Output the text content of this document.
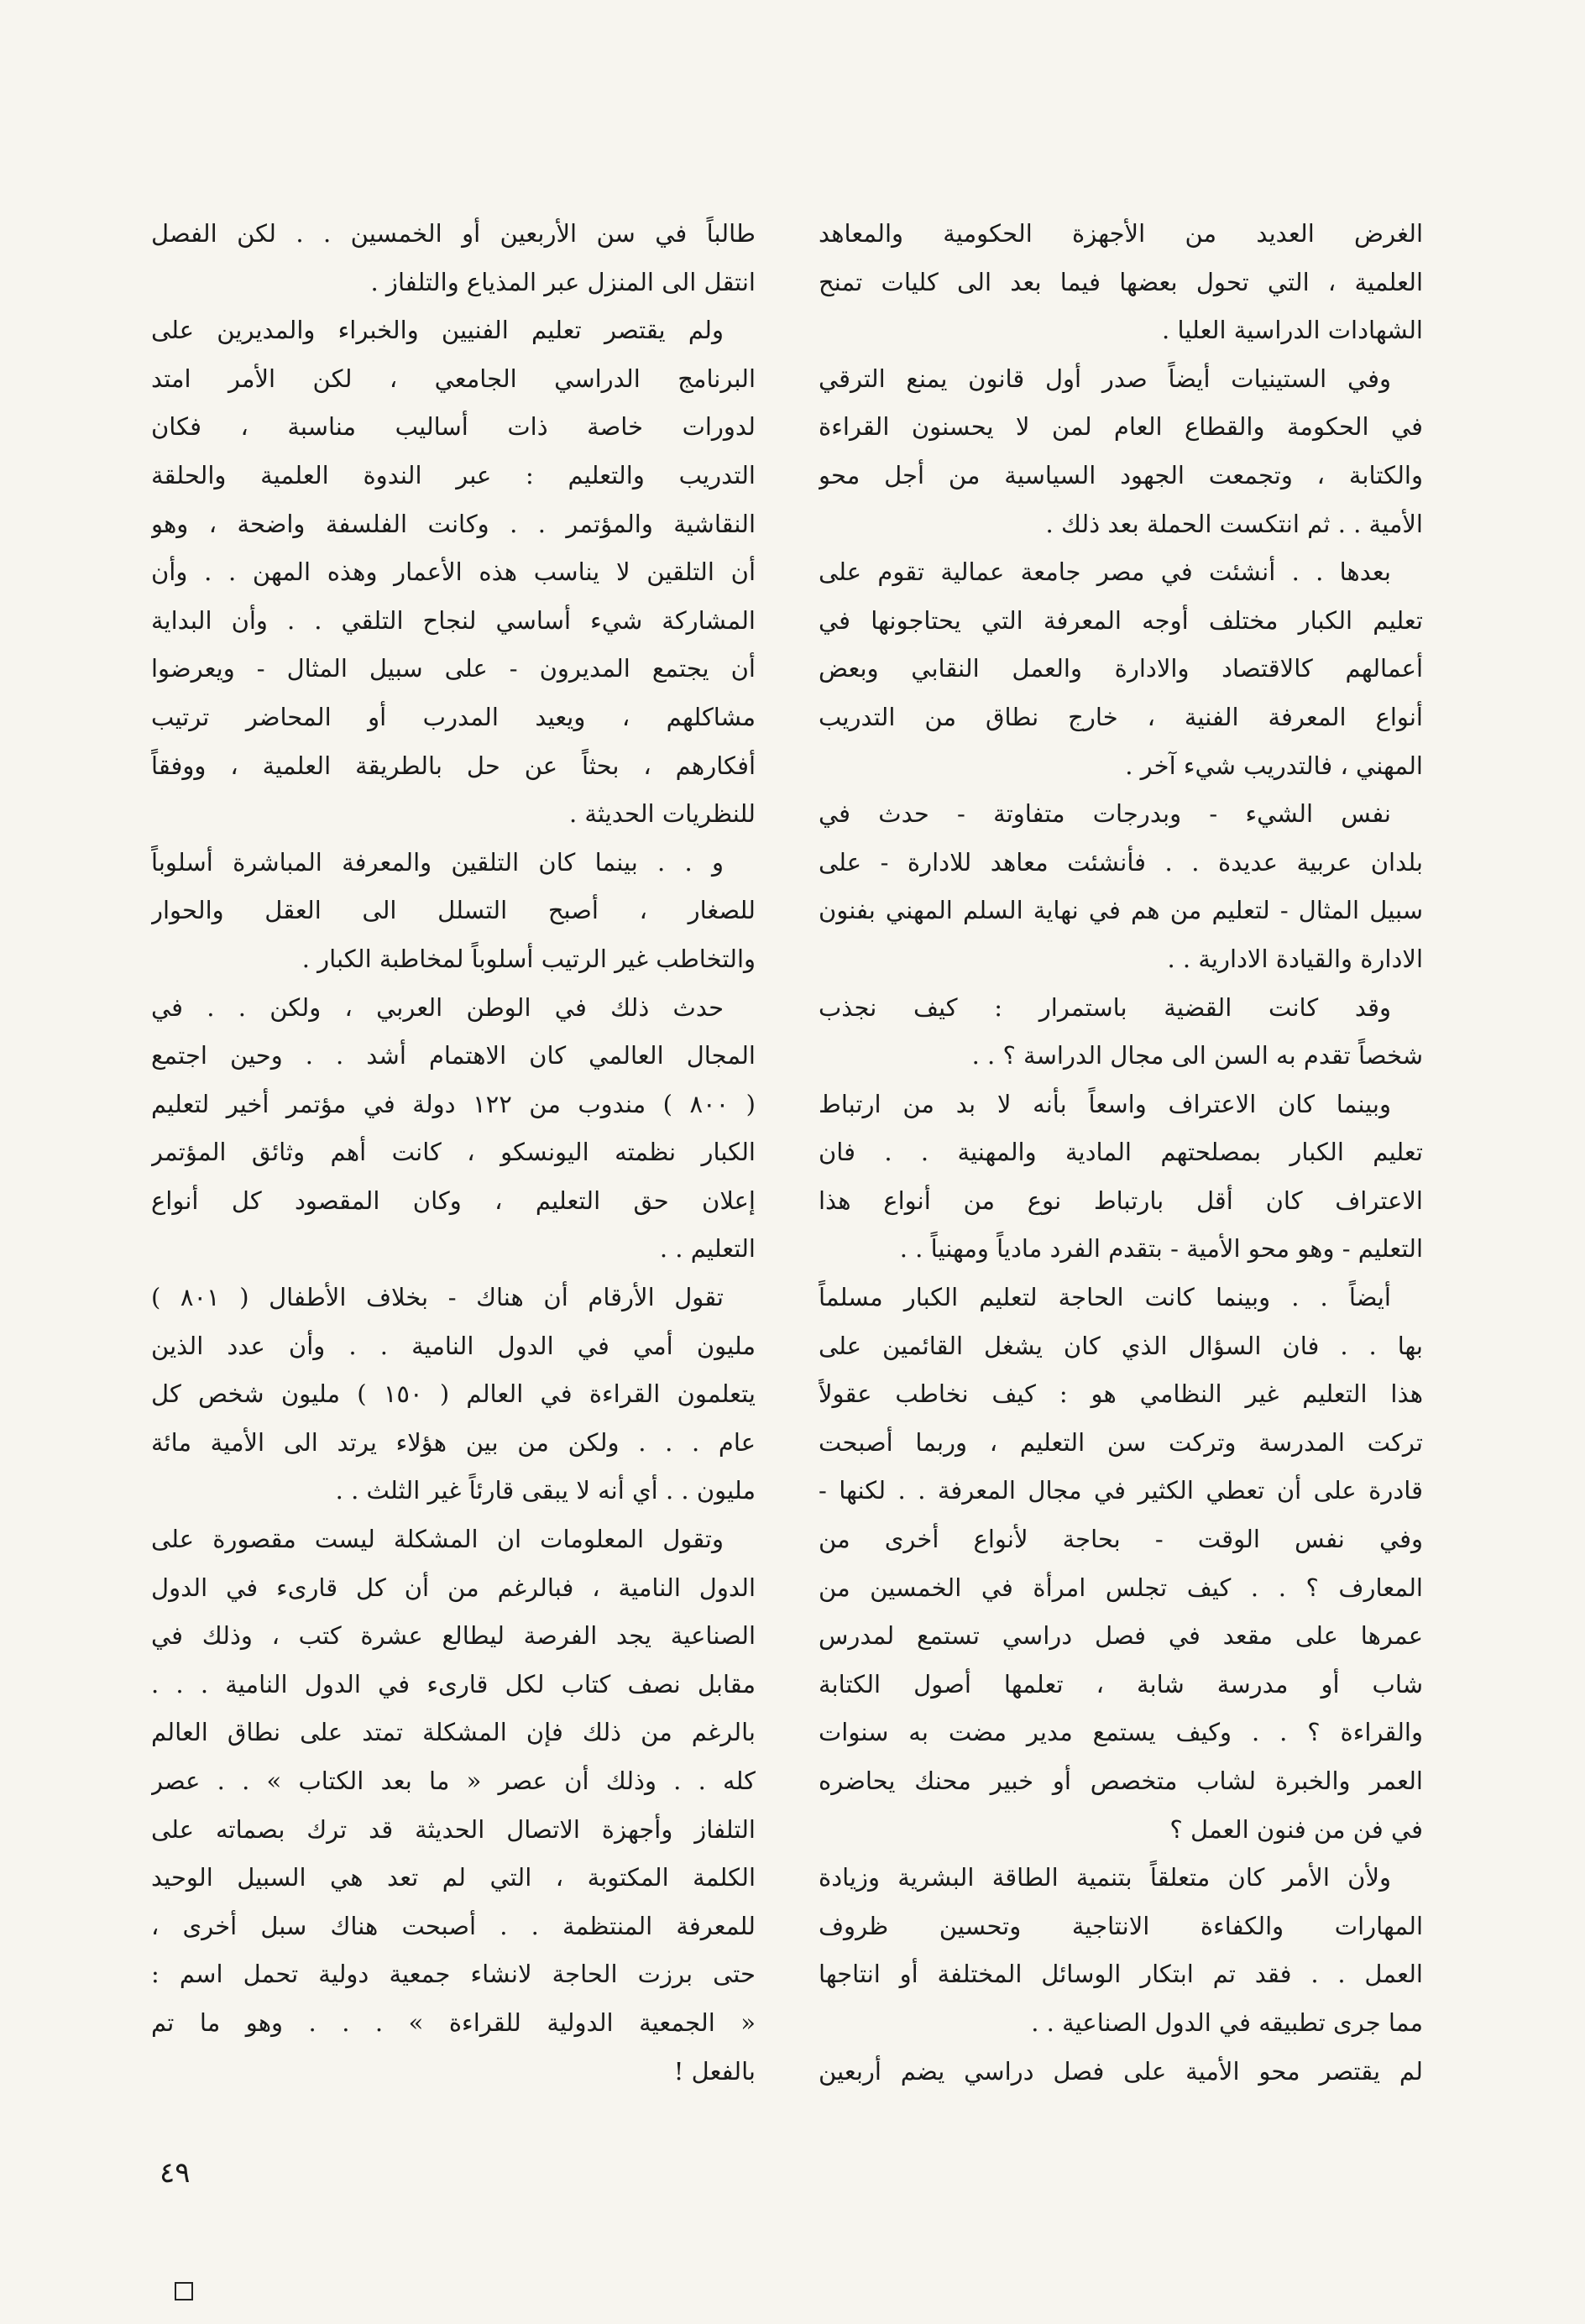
الغرض العديد من الأجهزة الحكومية والمعاهد
العلمية ، التي تحول بعضها فيما بعد الى كليات تمنح
الشهادات الدراسية العليا .
وفي الستينيات أيضاً صدر أول قانون يمنع الترقي
في الحكومة والقطاع العام لمن لا يحسنون القراءة
والكتابة ، وتجمعت الجهود السياسية من أجل محو
الأمية . . ثم انتكست الحملة بعد ذلك .
بعدها . . أنشئت في مصر جامعة عمالية تقوم على
تعليم الكبار مختلف أوجه المعرفة التي يحتاجونها في
أعمالهم كالاقتصاد والادارة والعمل النقابي وبعض
أنواع المعرفة الفنية ، خارج نطاق من التدريب
المهني ، فالتدريب شيء آخر .
نفس الشيء - وبدرجات متفاوتة - حدث في
بلدان عربية عديدة . . فأنشئت معاهد للادارة - على
سبيل المثال - لتعليم من هم في نهاية السلم المهني بفنون
الادارة والقيادة الادارية . .
وقد كانت القضية باستمرار : كيف نجذب
شخصاً تقدم به السن الى مجال الدراسة ؟ . .
وبينما كان الاعتراف واسعاً بأنه لا بد من ارتباط
تعليم الكبار بمصلحتهم المادية والمهنية . . فان
الاعتراف كان أقل بارتباط نوع من أنواع هذا
التعليم - وهو محو الأمية - بتقدم الفرد مادياً ومهنياً . .
أيضاً . . وبينما كانت الحاجة لتعليم الكبار مسلماً
بها . . فان السؤال الذي كان يشغل القائمين على
هذا التعليم غير النظامي هو : كيف نخاطب عقولاً
تركت المدرسة وتركت سن التعليم ، وربما أصبحت
قادرة على أن تعطي الكثير في مجال المعرفة . . لكنها -
وفي نفس الوقت - بحاجة لأنواع أخرى من
المعارف ؟ . . كيف تجلس امرأة في الخمسين من
عمرها على مقعد في فصل دراسي تستمع لمدرس
شاب أو مدرسة شابة ، تعلمها أصول الكتابة
والقراءة ؟ . . وكيف يستمع مدير مضت به سنوات
العمر والخبرة لشاب متخصص أو خبير محنك يحاضره
في فن من فنون العمل ؟
ولأن الأمر كان متعلقاً بتنمية الطاقة البشرية وزيادة
المهارات والكفاءة الانتاجية وتحسين ظروف
العمل . . فقد تم ابتكار الوسائل المختلفة أو انتاجها
مما جرى تطبيقه في الدول الصناعية . .
لم يقتصر محو الأمية على فصل دراسي يضم أربعين
طالباً في سن الأربعين أو الخمسين . . لكن الفصل
انتقل الى المنزل عبر المذياع والتلفاز .
ولم يقتصر تعليم الفنيين والخبراء والمديرين على
البرنامج الدراسي الجامعي ، لكن الأمر امتد
لدورات خاصة ذات أساليب مناسبة ، فكان
التدريب والتعليم : عبر الندوة العلمية والحلقة
النقاشية والمؤتمر . . وكانت الفلسفة واضحة ، وهو
أن التلقين لا يناسب هذه الأعمار وهذه المهن . . وأن
المشاركة شيء أساسي لنجاح التلقي . . وأن البداية
أن يجتمع المديرون - على سبيل المثال - ويعرضوا
مشاكلهم ، ويعيد المدرب أو المحاضر ترتيب
أفكارهم ، بحثاً عن حل بالطريقة العلمية ، ووفقاً
للنظريات الحديثة .
و . . بينما كان التلقين والمعرفة المباشرة أسلوباً
للصغار ، أصبح التسلل الى العقل والحوار
والتخاطب غير الرتيب أسلوباً لمخاطبة الكبار .
حدث ذلك في الوطن العربي ، ولكن . . في
المجال العالمي كان الاهتمام أشد . . وحين اجتمع
( ٨٠٠ ) مندوب من ١٢٢ دولة في مؤتمر أخير لتعليم
الكبار نظمته اليونسكو ، كانت أهم وثائق المؤتمر
إعلان حق التعليم ، وكان المقصود كل أنواع
التعليم . .
تقول الأرقام أن هناك - بخلاف الأطفال ( ٨٠١ )
مليون أمي في الدول النامية . . وأن عدد الذين
يتعلمون القراءة في العالم ( ١٥٠ ) مليون شخص كل
عام . . . ولكن من بين هؤلاء يرتد الى الأمية مائة
مليون . . أي أنه لا يبقى قارئاً غير الثلث . .
وتقول المعلومات ان المشكلة ليست مقصورة على
الدول النامية ، فبالرغم من أن كل قارىء في الدول
الصناعية يجد الفرصة ليطالع عشرة كتب ، وذلك في
مقابل نصف كتاب لكل قارىء في الدول النامية . . .
بالرغم من ذلك فإن المشكلة تمتد على نطاق العالم
كله . . وذلك أن عصر « ما بعد الكتاب » . . عصر
التلفاز وأجهزة الاتصال الحديثة قد ترك بصماته على
الكلمة المكتوبة ، التي لم تعد هي السبيل الوحيد
للمعرفة المنتظمة . . أصبحت هناك سبل أخرى ،
حتى برزت الحاجة لانشاء جمعية دولية تحمل اسم :
« الجمعية الدولية للقراءة » . . . وهو ما تم
بالفعل !
٤٩
